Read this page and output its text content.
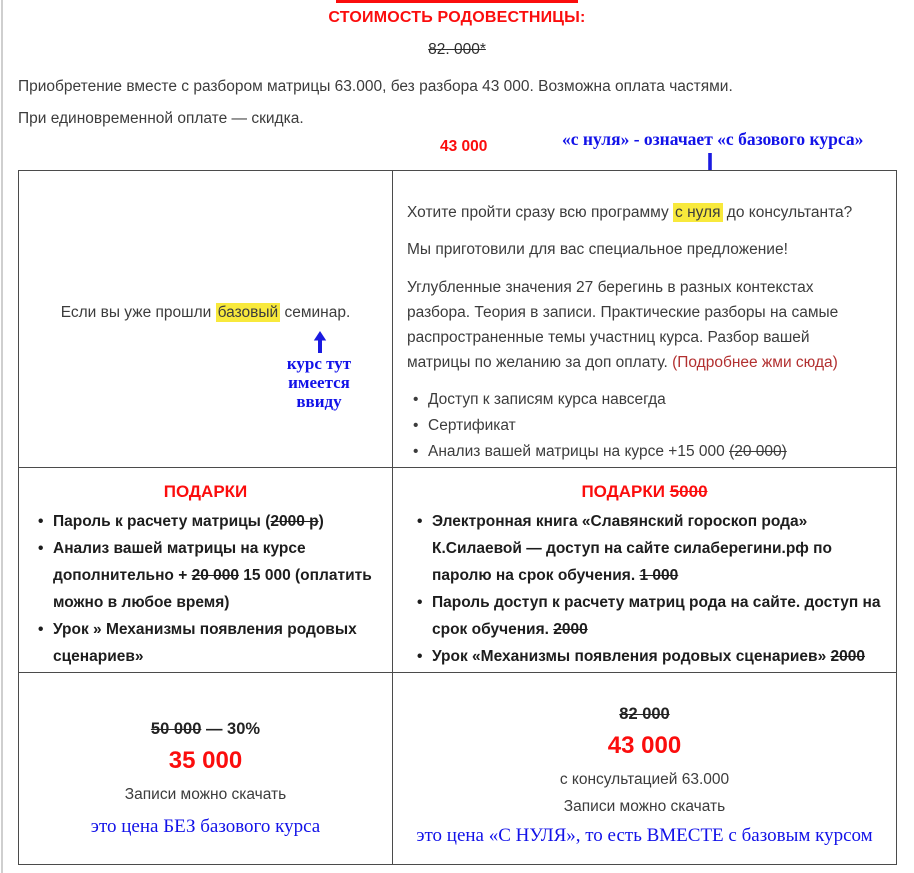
СТОИМОСТЬ РОДОВЕСТНИЦЫ:
82. 000*
Приобретение вместе с разбором матрицы 63.000, без разбора 43 000. Возможна оплата частями.
При единовременной оплате — скидка.
43 000	«с нуля» - означает «с базового курса»
Если вы уже прошли базовый семинар.
курс тут
имеется
ввиду

Хотите пройти сразу всю программу с нуля до консультанта?

Мы приготовили для вас специальное предложение!

Углубленные значения 27 берегинь в разных контекстах разбора. Теория в записи. Практические разборы на самые распространенные темы участниц курса. Разбор вашей матрицы по желанию за доп оплату. (Подробнее жми сюда)

• Доступ к записям курса навсегда
• Сертификат
• Анализ вашей матрицы на курсе +15 000 (20 000)
ПОДАРКИ
• Пароль к расчету матрицы (2000 р)
• Анализ вашей матрицы на курсе дополнительно + 20 000 15 000 (оплатить можно в любое время)
• Урок » Механизмы появления родовых сценариев»
ПОДАРКИ 5000
• Электронная книга «Славянский гороскоп рода» К.Силаевой — доступ на сайте силаберегини.рф по паролю на срок обучения. 1 000
• Пароль доступ к расчету матриц рода на сайте. доступ на срок обучения. 2000
• Урок «Механизмы появления родовых сценариев» 2000
50 000 — 30%
35 000
Записи можно скачать
это цена БЕЗ базового курса
82 000
43 000
с консультацией 63.000
Записи можно скачать
это цена «С НУЛЯ», то есть ВМЕСТЕ с базовым курсом
